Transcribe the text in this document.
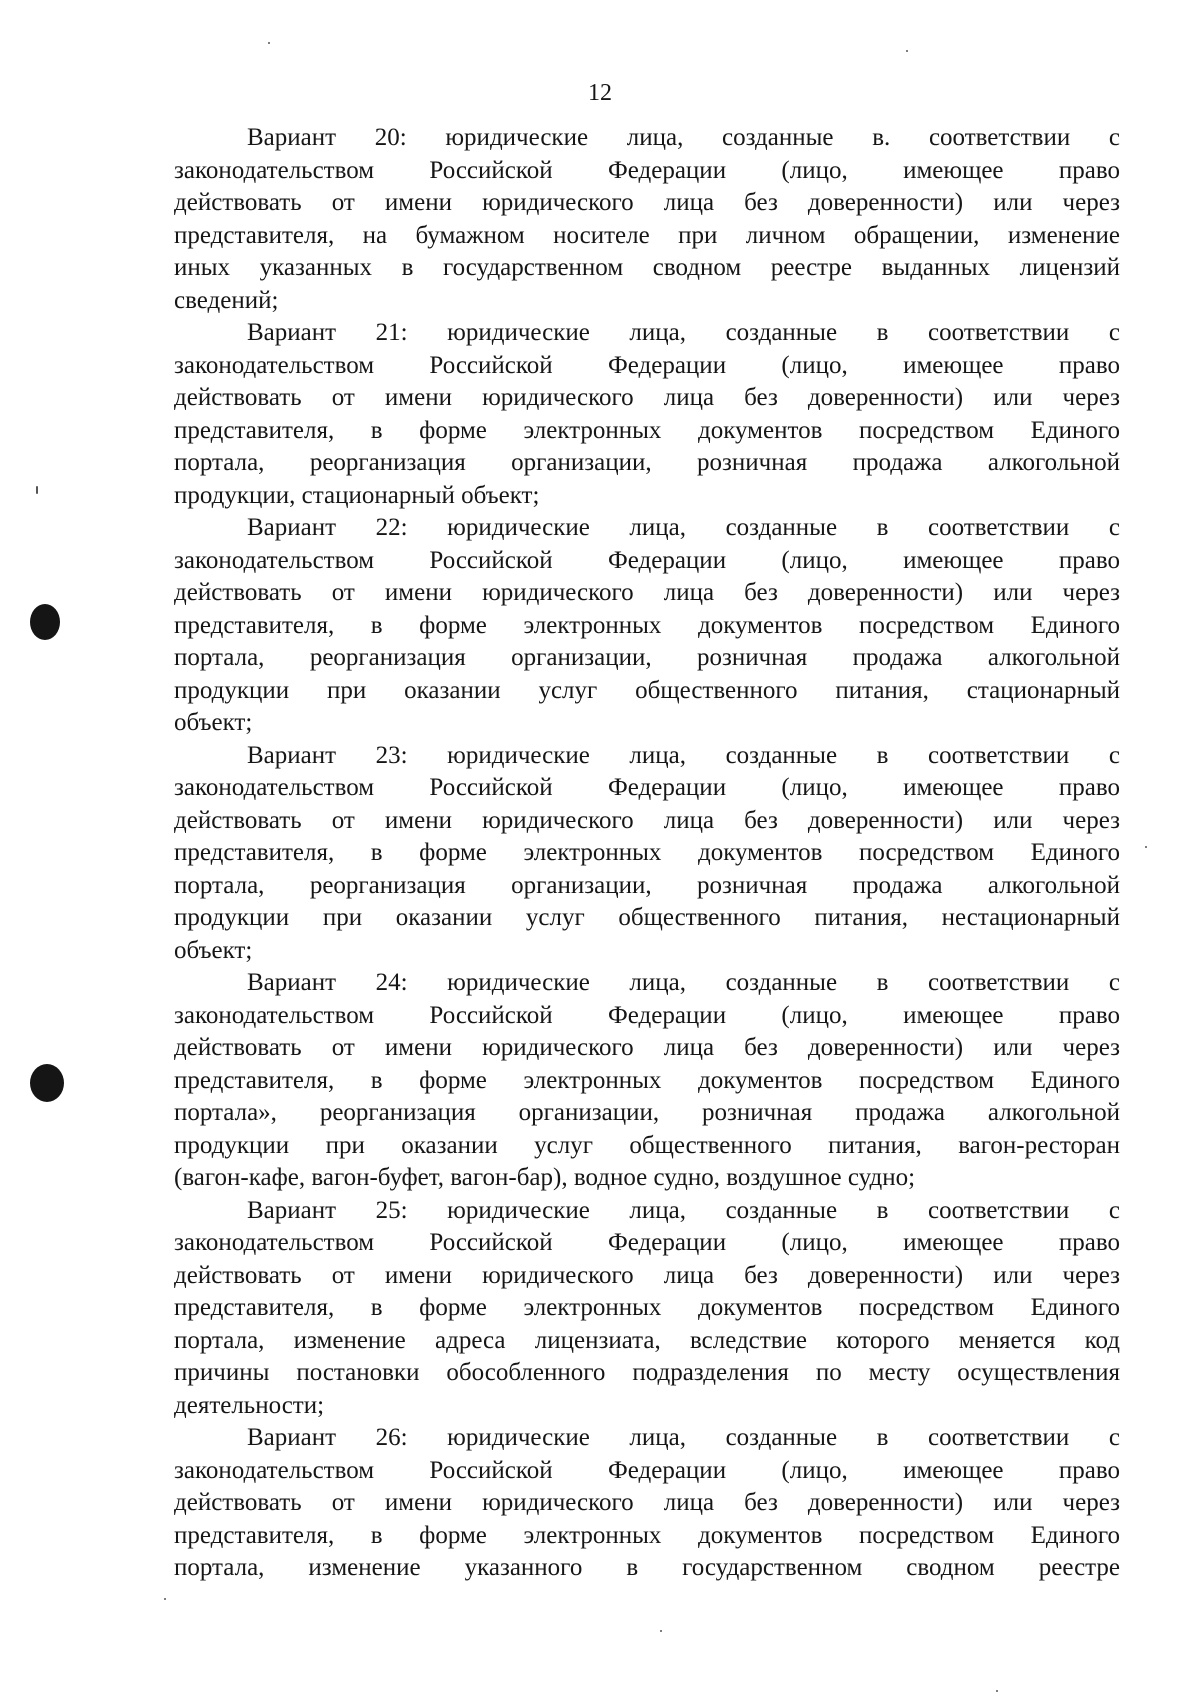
12
Вариант 20: юридические лица, созданные в. соответствии с
законодательством Российской Федерации (лицо, имеющее право
действовать от имени юридического лица без доверенности) или через
представителя, на бумажном носителе при личном обращении, изменение
иных указанных в государственном сводном реестре выданных лицензий
сведений;
Вариант 21: юридические лица, созданные в соответствии с
законодательством Российской Федерации (лицо, имеющее право
действовать от имени юридического лица без доверенности) или через
представителя, в форме электронных документов посредством Единого
портала, реорганизация организации, розничная продажа алкогольной
продукции, стационарный объект;
Вариант 22: юридические лица, созданные в соответствии с
законодательством Российской Федерации (лицо, имеющее право
действовать от имени юридического лица без доверенности) или через
представителя, в форме электронных документов посредством Единого
портала, реорганизация организации, розничная продажа алкогольной
продукции при оказании услуг общественного питания, стационарный
объект;
Вариант 23: юридические лица, созданные в соответствии с
законодательством Российской Федерации (лицо, имеющее право
действовать от имени юридического лица без доверенности) или через
представителя, в форме электронных документов посредством Единого
портала, реорганизация организации, розничная продажа алкогольной
продукции при оказании услуг общественного питания, нестационарный
объект;
Вариант 24: юридические лица, созданные в соответствии с
законодательством Российской Федерации (лицо, имеющее право
действовать от имени юридического лица без доверенности) или через
представителя, в форме электронных документов посредством Единого
портала», реорганизация организации, розничная продажа алкогольной
продукции при оказании услуг общественного питания, вагон-ресторан
(вагон-кафе, вагон-буфет, вагон-бар), водное судно, воздушное судно;
Вариант 25: юридические лица, созданные в соответствии с
законодательством Российской Федерации (лицо, имеющее право
действовать от имени юридического лица без доверенности) или через
представителя, в форме электронных документов посредством Единого
портала, изменение адреса лицензиата, вследствие которого меняется код
причины постановки обособленного подразделения по месту осуществления
деятельности;
Вариант 26: юридические лица, созданные в соответствии с
законодательством Российской Федерации (лицо, имеющее право
действовать от имени юридического лица без доверенности) или через
представителя, в форме электронных документов посредством Единого
портала, изменение указанного в государственном сводном реестре
